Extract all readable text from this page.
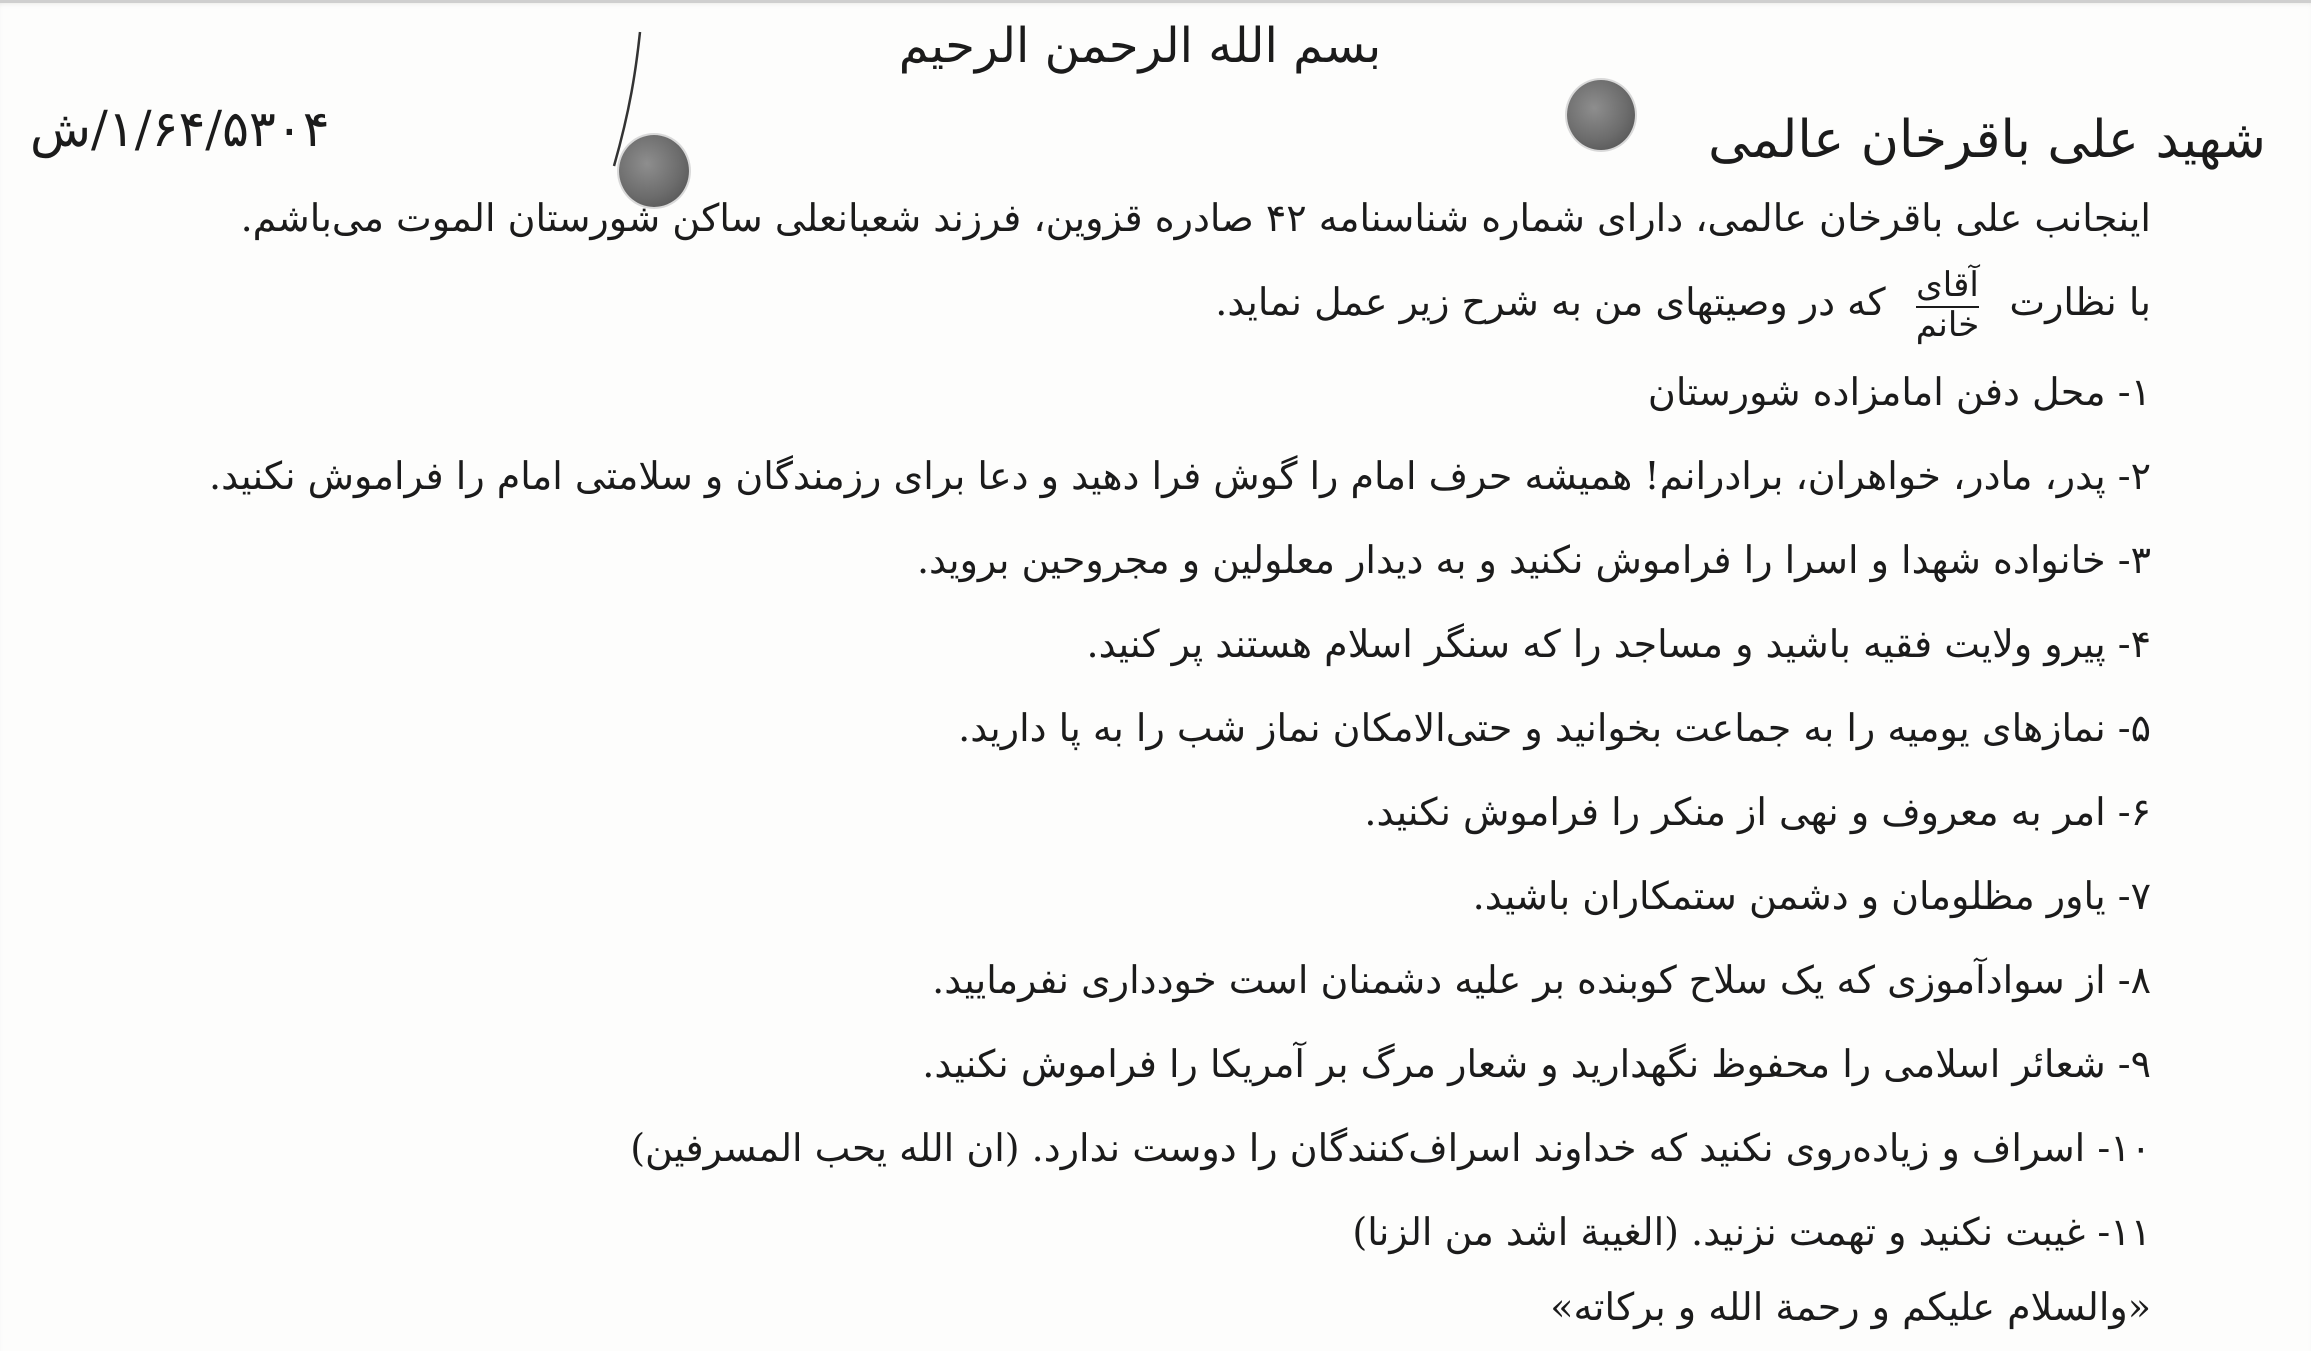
بسم الله الرحمن الرحیم
۱/۶۴/۵۳۰۴/ش	شهید علی باقرخان عالمی
اینجانب علی باقرخان عالمی، دارای شماره شناسنامه ۴۲ صادره قزوین، فرزند شعبانعلی ساکن شورستان الموت می‌باشم.
با نظارت
آقای
خانم
که در وصیتهای من به شرح زیر عمل نماید.
۱- محل دفن امامزاده شورستان
۲- پدر، مادر، خواهران، برادرانم! همیشه حرف امام را گوش فرا دهید و دعا برای رزمندگان و سلامتی امام را فراموش نکنید.
۳- خانواده شهدا و اسرا را فراموش نکنید و به دیدار معلولین و مجروحین بروید.
۴- پیرو ولایت فقیه باشید و مساجد را که سنگر اسلام هستند پر کنید.
۵- نمازهای یومیه را به جماعت بخوانید و حتی‌الامکان نماز شب را به پا دارید.
۶- امر به معروف و نهی از منکر را فراموش نکنید.
۷- یاور مظلومان و دشمن ستمکاران باشید.
۸- از سوادآموزی که یک سلاح کوبنده بر علیه دشمنان است خودداری نفرمایید.
۹- شعائر اسلامی را محفوظ نگهدارید و شعار مرگ بر آمریکا را فراموش نکنید.
۱۰- اسراف و زیاده‌روی نکنید که خداوند اسراف‌کنندگان را دوست ندارد. (ان الله یحب المسرفین)
۱۱- غیبت نکنید و تهمت نزنید. (الغیبة اشد من الزنا)
«والسلام علیکم و رحمة الله و برکاته»
